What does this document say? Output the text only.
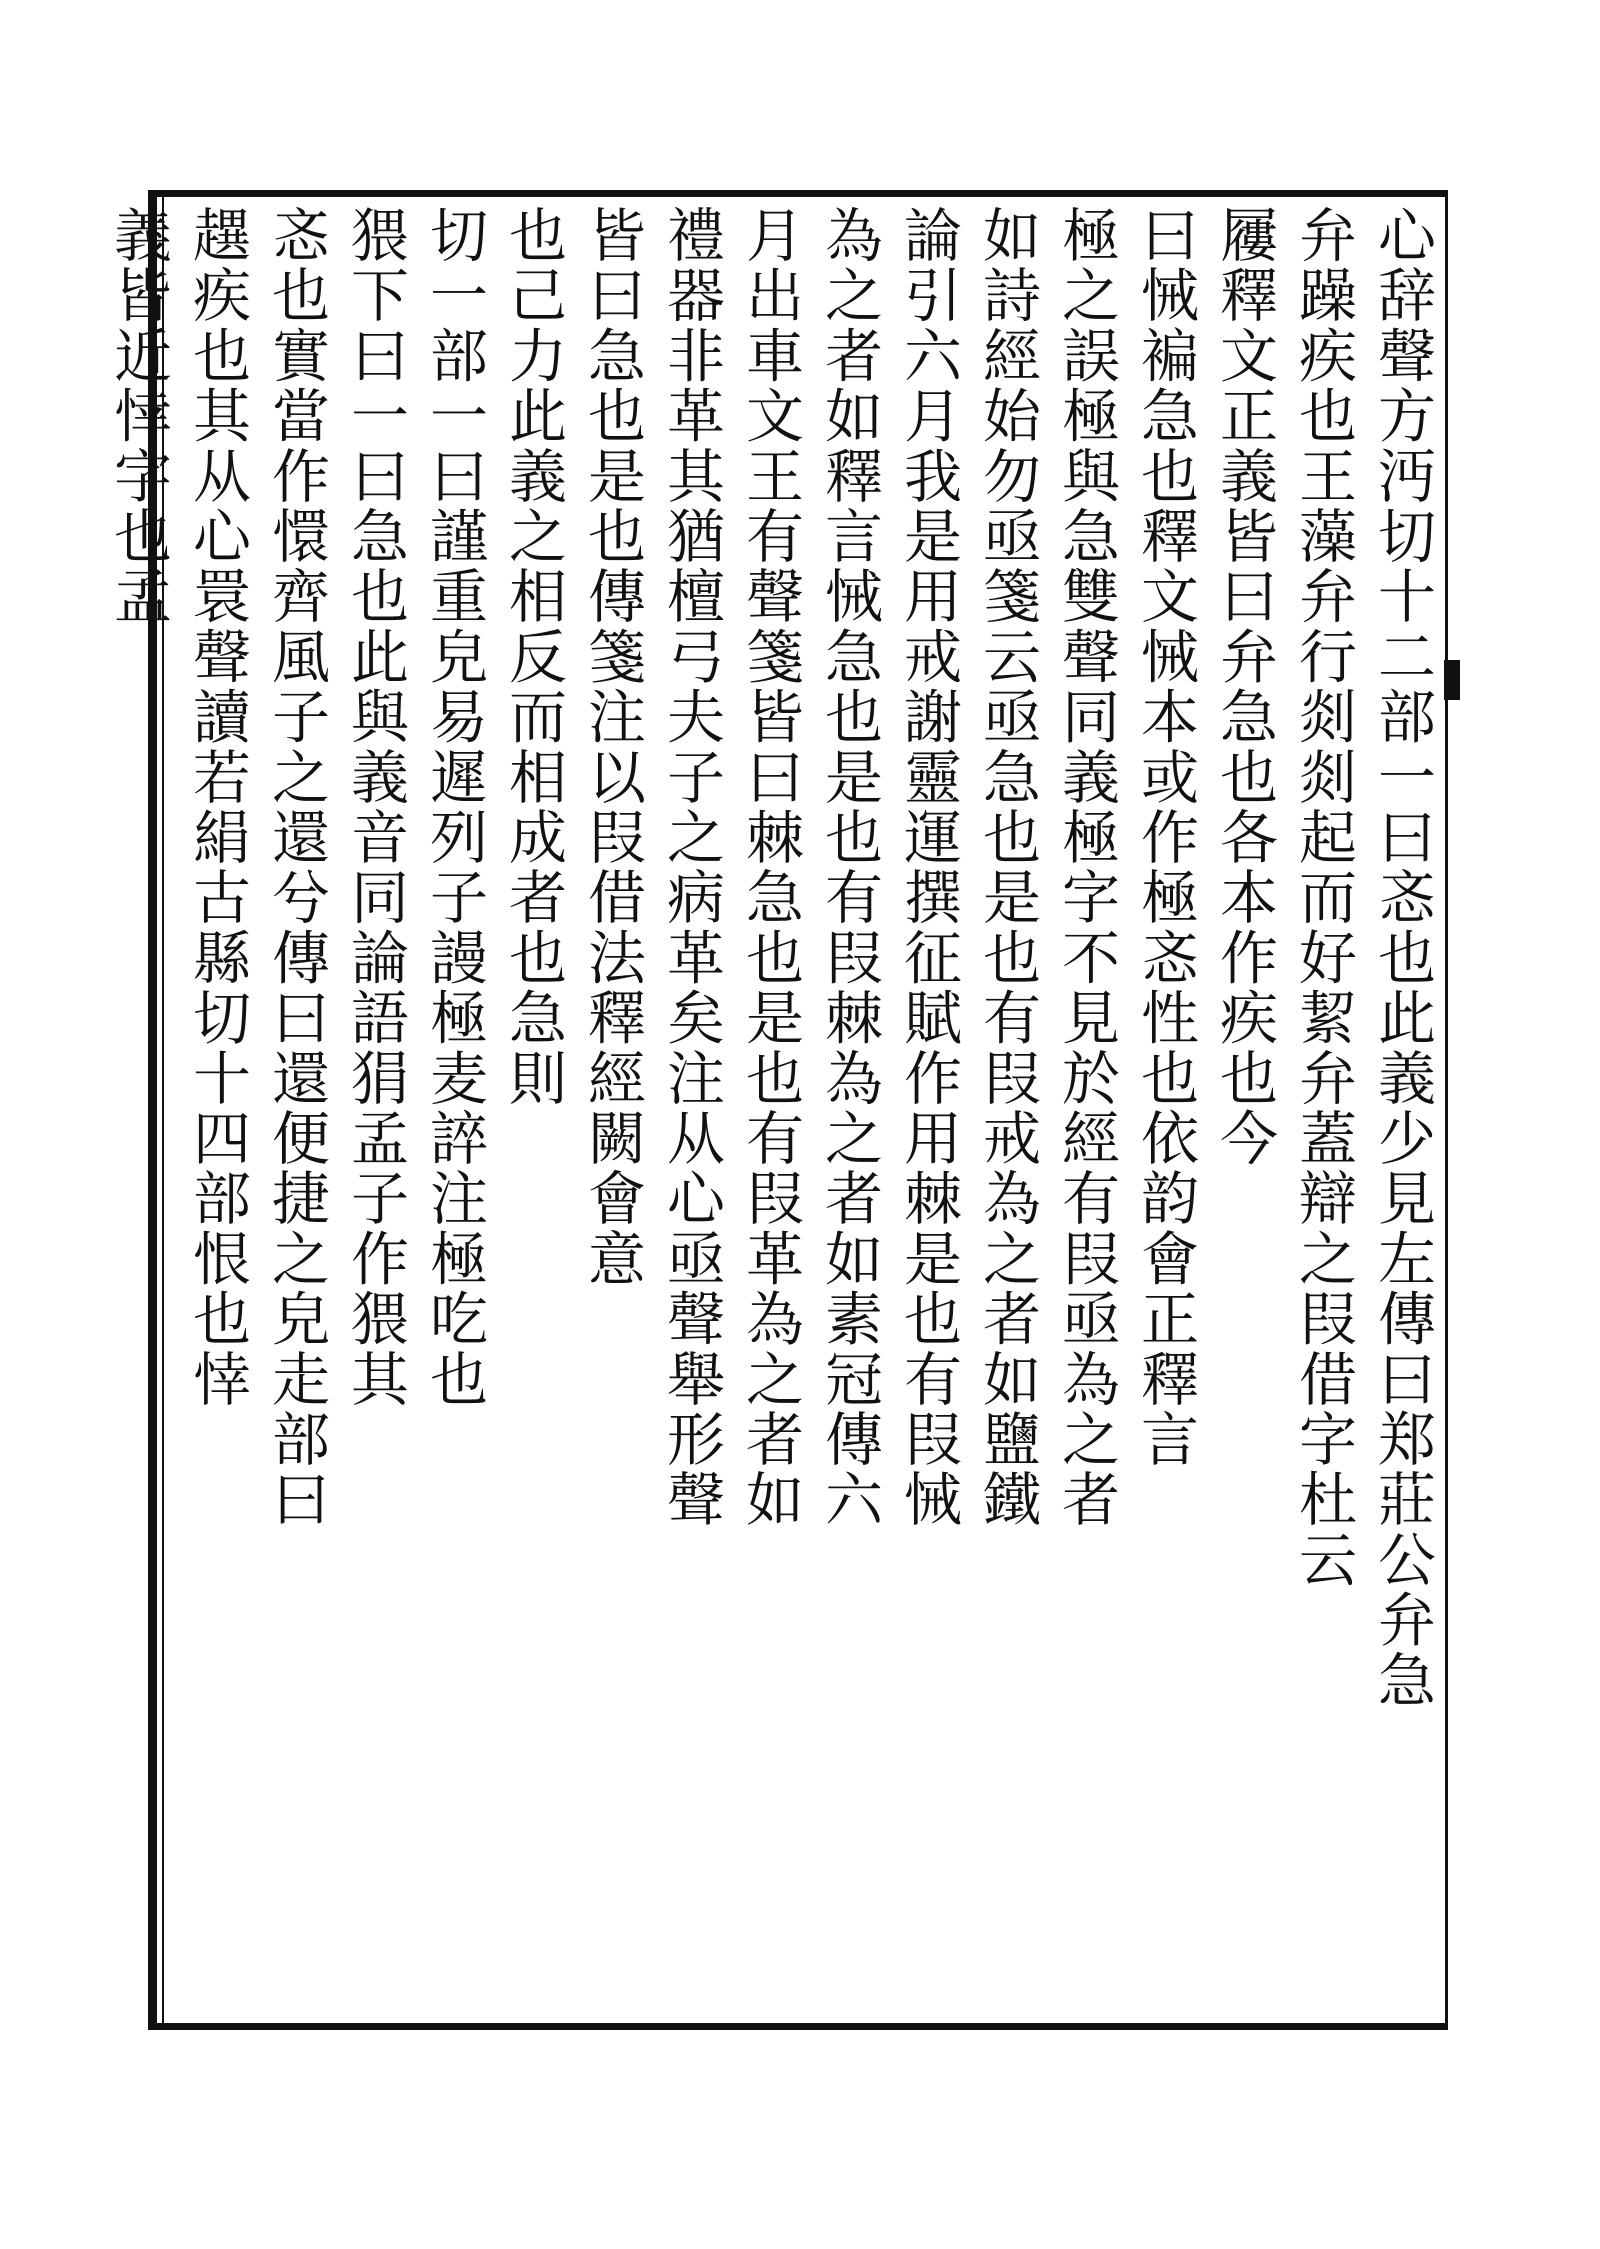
心辞聲方沔切十二部一曰忞也此義少見左傳曰郑莊公弁急
弁躁疾也王藻弁行剡剡起而好絜弁蓋辯之叚借字杜云
屨釋文正義皆曰弁急也各本作疾也今
曰悈褊急也釋文悈本或作極忞性也依韵會正釋言
極之誤極與急雙聲同義極字不見於經有叚亟為之者
如詩經始勿亟箋云亟急也是也有叚戒為之者如鹽鐵
論引六月我是用戒謝靈運撰征賦作用棘是也有叚悈
為之者如釋言悈急也是也有叚棘為之者如素冠傳六
月出車文王有聲箋皆曰棘急也是也有叚革為之者如
禮器非革其猶檀弓夫子之病革矣注从心亟聲舉形聲
皆曰急也是也傳箋注以叚借法釋經闕會意
也己力此義之相反而相成者也急則
切一部一曰謹重皃易遲列子謾極麦誶注極吃也
猥下曰一曰急也此與義音同論語狷孟子作猥其
忞也實當作懁齊風子之還兮傳曰還便捷之皃走部曰
趩疾也其从心睘聲讀若絹古縣切十四部恨也悻
義皆近悻字也孟
